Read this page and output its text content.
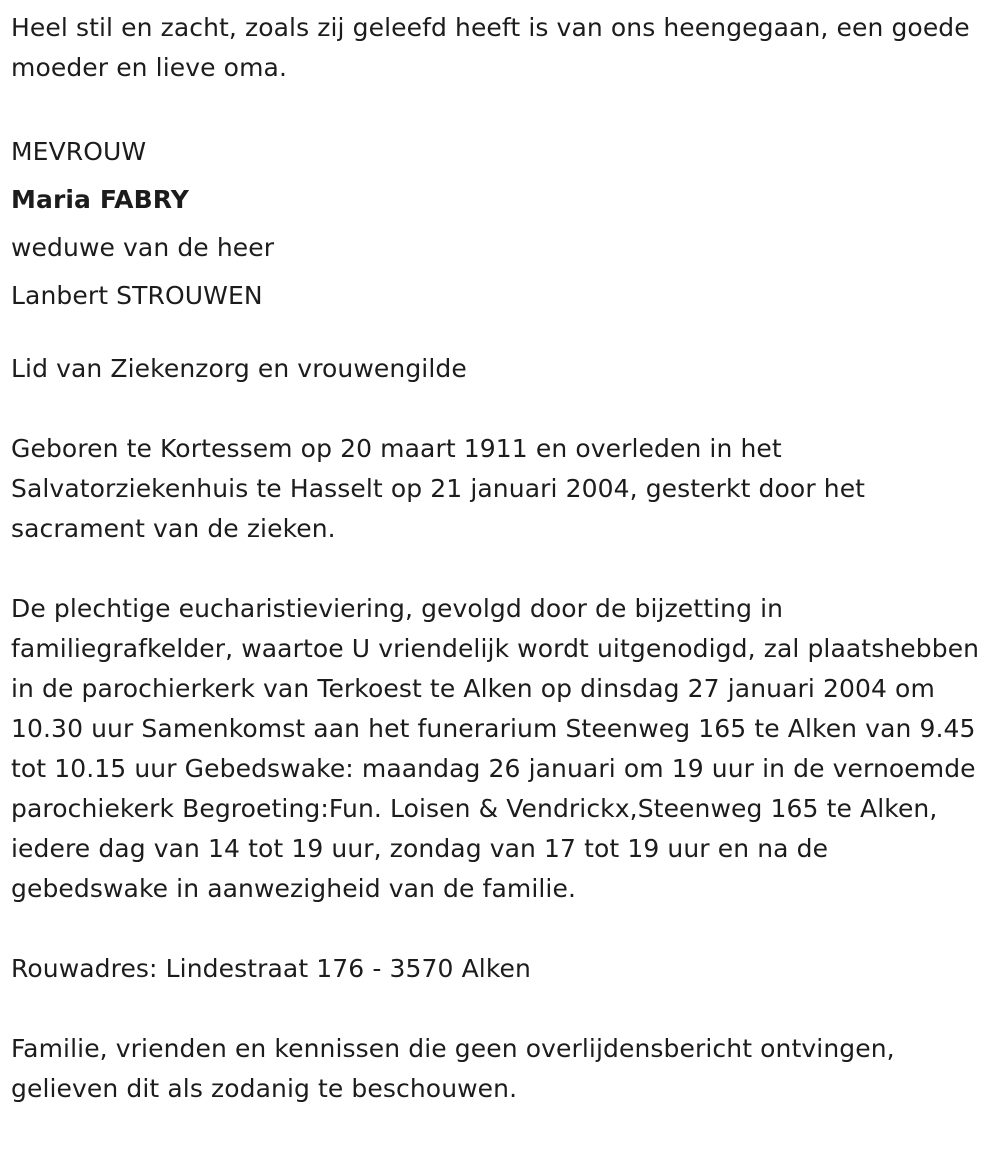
Heel stil en zacht, zoals zij geleefd heeft is van ons heengegaan, een goede moeder en lieve oma.

MEVROUW

Maria FABRY

weduwe van de heer

Lanbert STROUWEN

Lid van Ziekenzorg en vrouwengilde

Geboren te Kortessem op 20 maart 1911 en overleden in het Salvatorziekenhuis te Hasselt op 21 januari 2004, gesterkt door het sacrament van de zieken.

De plechtige eucharistieviering, gevolgd door de bijzetting in familiegrafkelder, waartoe U vriendelijk wordt uitgenodigd, zal plaatshebben in de parochierkerk van Terkoest te Alken op dinsdag 27 januari 2004 om 10.30 uur Samenkomst aan het funerarium Steenweg 165 te Alken van 9.45 tot 10.15 uur Gebedswake: maandag 26 januari om 19 uur in de vernoemde parochiekerk Begroeting:Fun. Loisen & Vendrickx,Steenweg 165 te Alken, iedere dag van 14 tot 19 uur, zondag van 17 tot 19 uur en na de gebedswake in aanwezigheid van de familie.

Rouwadres: Lindestraat 176 - 3570 Alken

Familie, vrienden en kennissen die geen overlijdensbericht ontvingen, gelieven dit als zodanig te beschouwen.
